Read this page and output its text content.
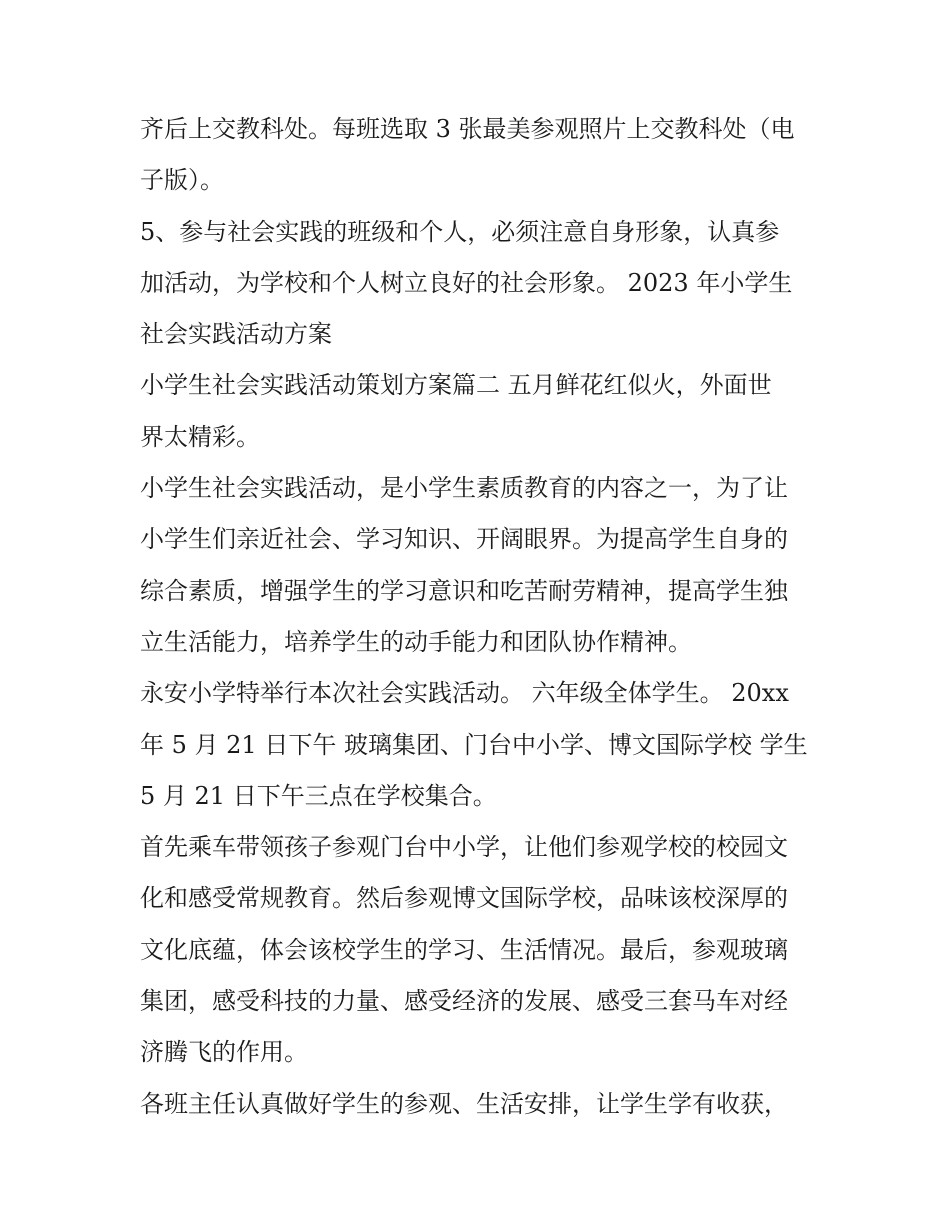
齐后上交教科处。每班选取 3 张最美参观照片上交教科处（电
子版）。
5、参与社会实践的班级和个人，必须注意自身形象，认真参
加活动，为学校和个人树立良好的社会形象。 2023 年小学生
社会实践活动方案
小学生社会实践活动策划方案篇二 五月鲜花红似火，外面世
界太精彩。
小学生社会实践活动，是小学生素质教育的内容之一，为了让
小学生们亲近社会、学习知识、开阔眼界。为提高学生自身的
综合素质，增强学生的学习意识和吃苦耐劳精神，提高学生独
立生活能力，培养学生的动手能力和团队协作精神。
永安小学特举行本次社会实践活动。 六年级全体学生。 20xx
年 5 月 21 日下午 玻璃集团、门台中小学、博文国际学校 学生
5 月 21 日下午三点在学校集合。
首先乘车带领孩子参观门台中小学，让他们参观学校的校园文
化和感受常规教育。然后参观博文国际学校，品味该校深厚的
文化底蕴，体会该校学生的学习、生活情况。最后，参观玻璃
集团，感受科技的力量、感受经济的发展、感受三套马车对经
济腾飞的作用。
各班主任认真做好学生的参观、生活安排，让学生学有收获，
